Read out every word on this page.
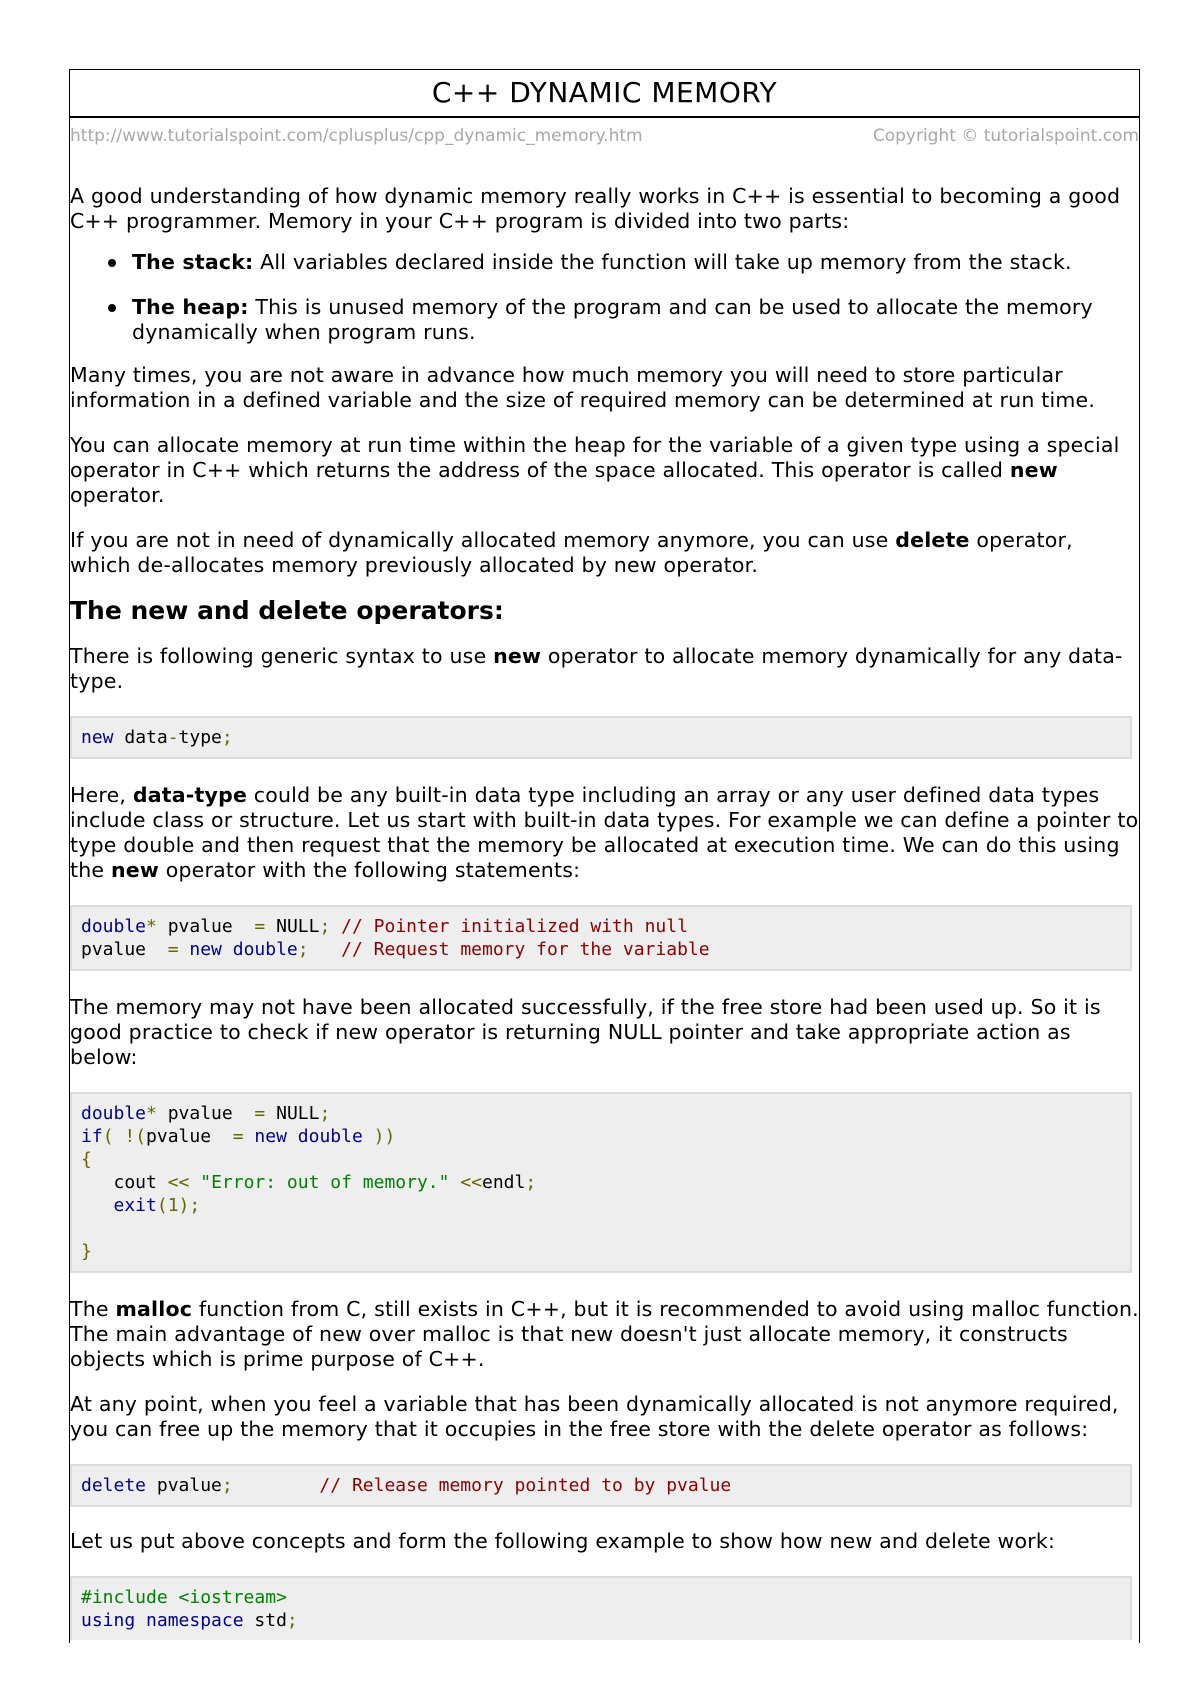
C++ DYNAMIC MEMORY
http://www.tutorialspoint.com/cplusplus/cpp_dynamic_memory.htm	Copyright © tutorialspoint.com

A good understanding of how dynamic memory really works in C++ is essential to becoming a good C++ programmer. Memory in your C++ program is divided into two parts:

The stack: All variables declared inside the function will take up memory from the stack.
The heap: This is unused memory of the program and can be used to allocate the memory dynamically when program runs.

Many times, you are not aware in advance how much memory you will need to store particular information in a defined variable and the size of required memory can be determined at run time.

You can allocate memory at run time within the heap for the variable of a given type using a special operator in C++ which returns the address of the space allocated. This operator is called new operator.

If you are not in need of dynamically allocated memory anymore, you can use delete operator, which de-allocates memory previously allocated by new operator.

The new and delete operators:

There is following generic syntax to use new operator to allocate memory dynamically for any data-type.

new data-type;

Here, data-type could be any built-in data type including an array or any user defined data types include class or structure. Let us start with built-in data types. For example we can define a pointer to type double and then request that the memory be allocated at execution time. We can do this using the new operator with the following statements:

double* pvalue  = NULL; // Pointer initialized with null
pvalue  = new double;   // Request memory for the variable

The memory may not have been allocated successfully, if the free store had been used up. So it is good practice to check if new operator is returning NULL pointer and take appropriate action as below:

double* pvalue  = NULL;
if( !(pvalue  = new double ))
{
cout << "Error: out of memory." <<endl;
exit(1);

}

The malloc function from C, still exists in C++, but it is recommended to avoid using malloc function. The main advantage of new over malloc is that new doesn't just allocate memory, it constructs objects which is prime purpose of C++.

At any point, when you feel a variable that has been dynamically allocated is not anymore required, you can free up the memory that it occupies in the free store with the delete operator as follows:

delete pvalue;        // Release memory pointed to by pvalue

Let us put above concepts and form the following example to show how new and delete work:

#include <iostream>
using namespace std;
